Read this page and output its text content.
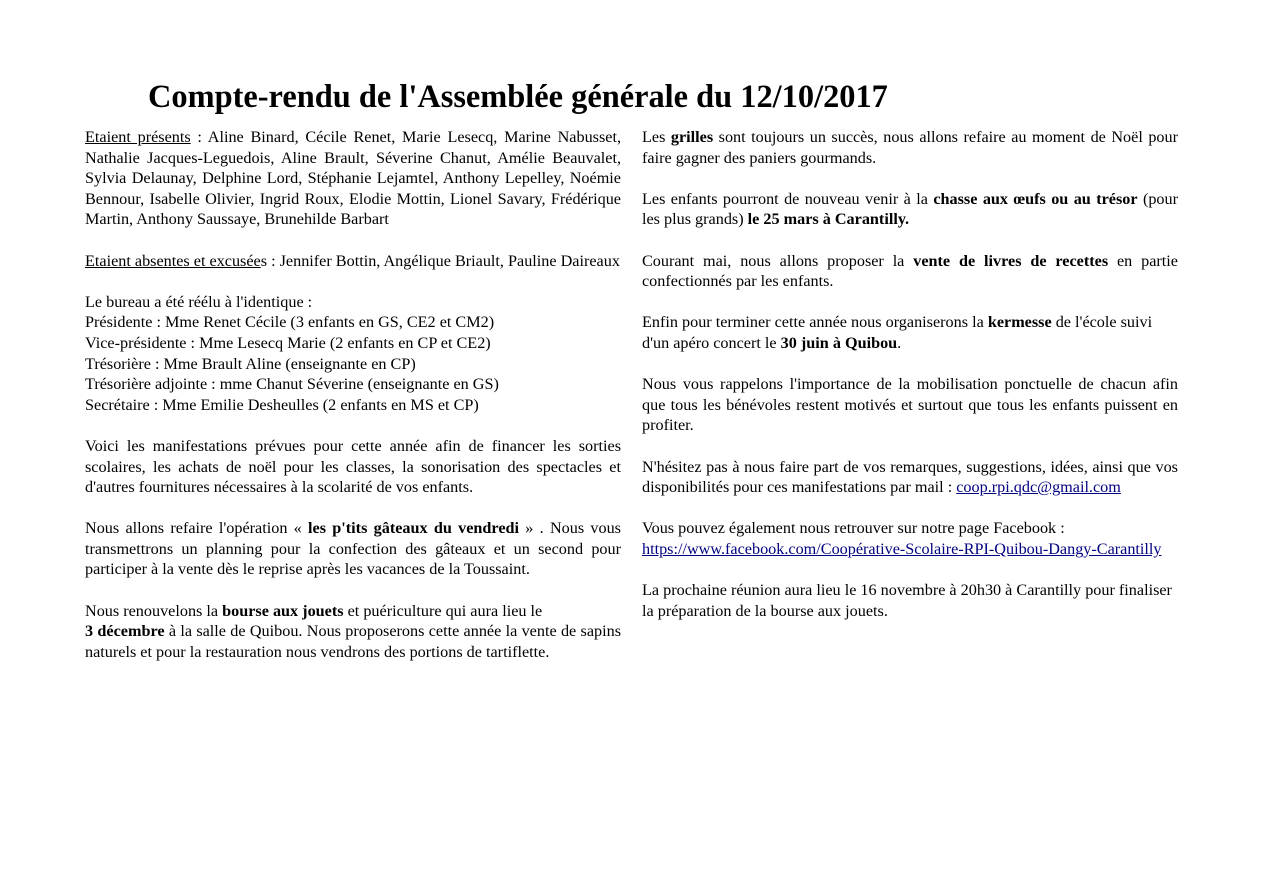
Compte-rendu de l'Assemblée générale du 12/10/2017

Etaient présents : Aline Binard, Cécile Renet, Marie Lesecq, Marine Nabusset, Nathalie Jacques-Leguedois, Aline Brault, Séverine Chanut, Amélie Beauvalet, Sylvia Delaunay, Delphine Lord, Stéphanie Lejamtel, Anthony Lepelley, Noémie Bennour, Isabelle Olivier, Ingrid Roux, Elodie Mottin, Lionel Savary, Frédérique Martin, Anthony Saussaye, Brunehilde Barbart

Etaient absentes et excusées : Jennifer Bottin, Angélique Briault, Pauline Daireaux

Le bureau a été réélu à l'identique :
Présidente : Mme Renet Cécile (3 enfants en GS, CE2 et CM2)
Vice-présidente : Mme Lesecq Marie (2 enfants en CP et CE2)
Trésorière : Mme Brault Aline (enseignante en CP)
Trésorière adjointe : mme Chanut Séverine (enseignante en GS)
Secrétaire : Mme Emilie Desheulles (2 enfants en MS et CP)

Voici les manifestations prévues pour cette année afin de financer les sorties scolaires, les achats de noël pour les classes, la sonorisation des spectacles et d'autres fournitures nécessaires à la scolarité de vos enfants.

Nous allons refaire l'opération « les p'tits gâteaux du vendredi » . Nous vous transmettrons un planning pour la confection des gâteaux et un second pour participer à la vente dès le reprise après les vacances de la Toussaint.

Nous renouvelons la bourse aux jouets et puériculture qui aura lieu le
3 décembre à la salle de Quibou. Nous proposerons cette année la vente de sapins naturels et pour la restauration nous vendrons des portions de tartiflette.

Les grilles sont toujours un succès, nous allons refaire au moment de Noël pour faire gagner des paniers gourmands.

Les enfants pourront de nouveau venir à la chasse aux œufs ou au trésor (pour les plus grands) le 25 mars à Carantilly.

Courant mai, nous allons proposer la vente de livres de recettes en partie confectionnés par les enfants.

Enfin pour terminer cette année nous organiserons la kermesse de l'école suivi d'un apéro concert le 30 juin à Quibou.

Nous vous rappelons l'importance de la mobilisation ponctuelle de chacun afin que tous les bénévoles restent motivés et surtout que tous les enfants puissent en profiter.

N'hésitez pas à nous faire part de vos remarques, suggestions, idées, ainsi que vos disponibilités pour ces manifestations par mail : coop.rpi.qdc@gmail.com

Vous pouvez également nous retrouver sur notre page Facebook :
https://www.facebook.com/Coopérative-Scolaire-RPI-Quibou-Dangy-Carantilly

La prochaine réunion aura lieu le 16 novembre à 20h30 à Carantilly pour finaliser la préparation de la bourse aux jouets.
